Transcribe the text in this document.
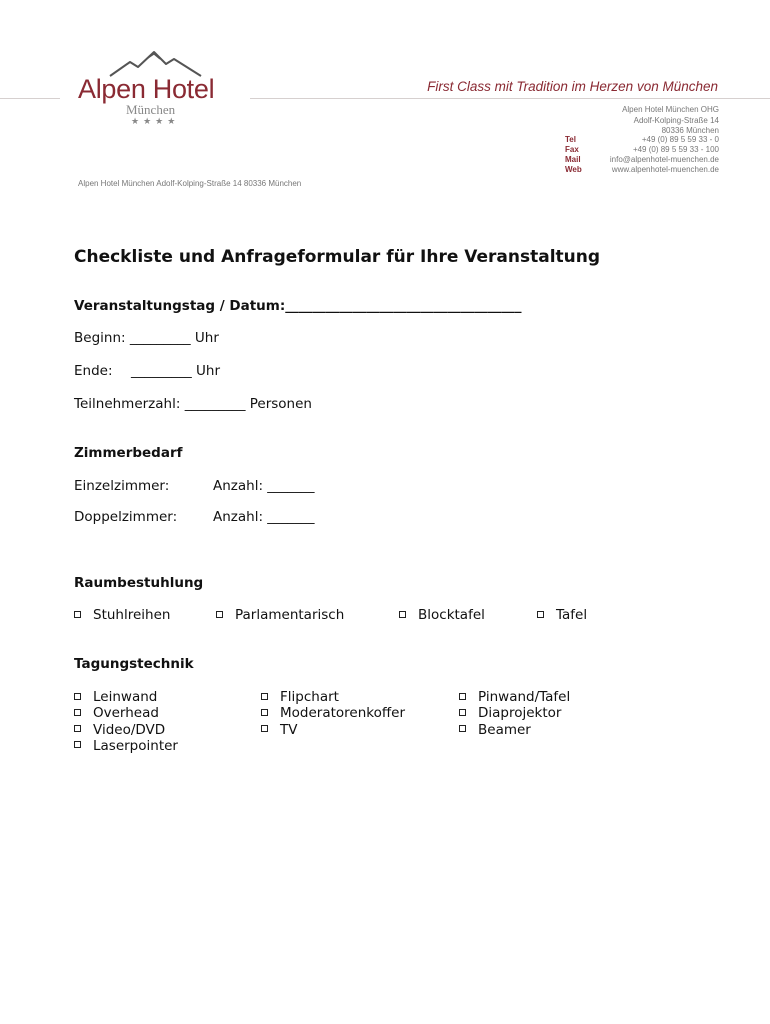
Alpen Hotel
München
★★★★
First Class mit Tradition im Herzen von München
Alpen Hotel München OHG
Adolf-Kolping-Straße 14
80336 München
Tel	+49 (0) 89 5 59 33 - 0
Fax	+49 (0) 89 5 59 33 - 100
Mail	info@alpenhotel-muenchen.de
Web	www.alpenhotel-muenchen.de
Alpen Hotel München Adolf-Kolping-Straße 14 80336 München
Checkliste und Anfrageformular für Ihre Veranstaltung
Veranstaltungstag / Datum:___________________________________
Beginn: _________ Uhr
Ende: _________ Uhr
Teilnehmerzahl: _________ Personen
Zimmerbedarf
Einzelzimmer:	Anzahl: _______
Doppelzimmer:	Anzahl: _______
Raumbestuhlung
Stuhlreihen	Parlamentarisch	Blocktafel	Tafel
Tagungstechnik
Leinwand
Overhead
Video/DVD
Laserpointer
Flipchart
Moderatorenkoffer
TV
Pinwand/Tafel
Diaprojektor
Beamer
